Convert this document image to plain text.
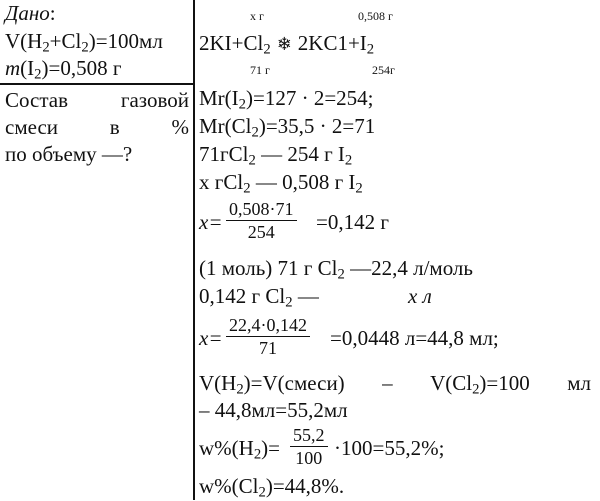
Дано:
$V(H_2+Cl_2)=100мл$
$m(I_2)=0,508$ г
Состав	газовой
смеси в %
по объему —?
x г	0,508 г
$2KI+Cl_2$ ❄ $2KC1+I_2$
71 г	254г
$Mr(I_2)=127 \cdot 2=254$;
$Mr(Cl_2)=35,5 \cdot 2=71$
71гCl$_2$ — 254 г $I_2$
x гCl$_2$ — 0,508 г $I_2$
$x= \frac{0,508\cdot 71}{254} =0,142$ г
(1 моль) 71 г $Cl_2$ —22,4 л/моль
0,142 г $Cl_2$ —	x л
$x= \frac{22,4\cdot 0,142}{71} =0,0448$ л=44,8 мл;
$V(H_2)=V(смеси) - V(Cl_2)=100$ мл
– 44,8мл=55,2мл
$w\%(H_2)= \frac{55,2}{100} \cdot 100=55,2\%$;
$w\%(Cl_2)=44,8\%$.
